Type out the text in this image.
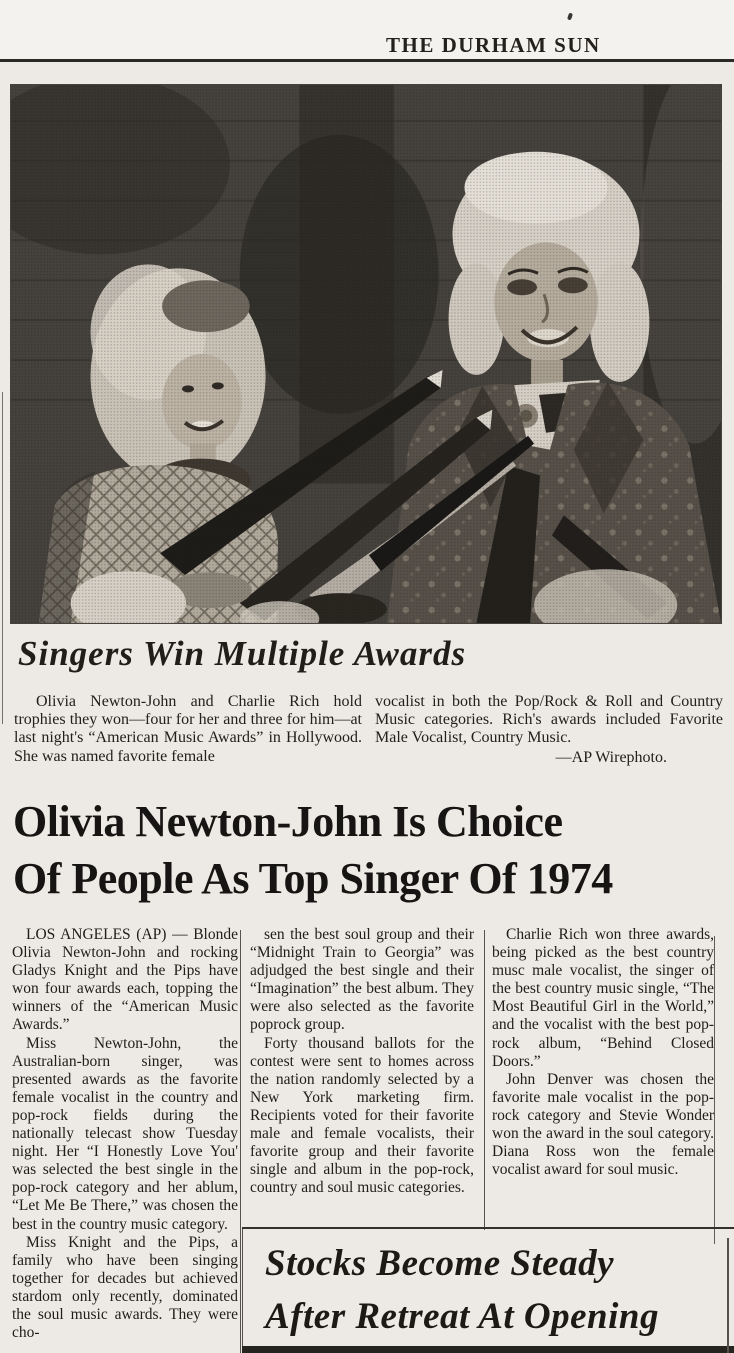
THE DURHAM SUN
Singers Win Multiple Awards

Olivia Newton-John and Charlie Rich hold trophies they won—four for her and three for him—at last night's “American Music Awards” in Hollywood. She was named favorite female

vocalist in both the Pop/Rock & Roll and Country Music categories. Rich's awards included Favorite Male Vocalist, Country Music.

—AP Wirephoto.
Olivia Newton-John Is Choice
Of People As Top Singer Of 1974

LOS ANGELES (AP) — Blonde Olivia Newton-John and rocking Gladys Knight and the Pips have won four awards each, topping the winners of the “American Music Awards.”

Miss Newton-John, the Australian-born singer, was presented awards as the favorite female vocalist in the country and pop-rock fields during the nationally telecast show Tuesday night. Her “I Honestly Love You' was selected the best single in the pop-rock category and her ablum, “Let Me Be There,” was chosen the best in the country music category.

Miss Knight and the Pips, a family who have been singing together for decades but achieved stardom only recently, dominated the soul music awards. They were cho-

sen the best soul group and their “Midnight Train to Georgia” was adjudged the best single and their “Imagination” the best album. They were also selected as the favorite poprock group.

Forty thousand ballots for the contest were sent to homes across the nation randomly selected by a New York marketing firm. Recipients voted for their favorite male and female vocalists, their favorite group and their favorite single and album in the pop-rock, country and soul music categories.

Charlie Rich won three awards, being picked as the best country musc male vocalist, the singer of the best country music single, “The Most Beautiful Girl in the World,” and the vocalist with the best pop-rock album, “Behind Closed Doors.”

John Denver was chosen the favorite male vocalist in the pop-rock category and Stevie Wonder won the award in the soul category. Diana Ross won the female vocalist award for soul music.

Stocks Become Steady
After Retreat At Opening
